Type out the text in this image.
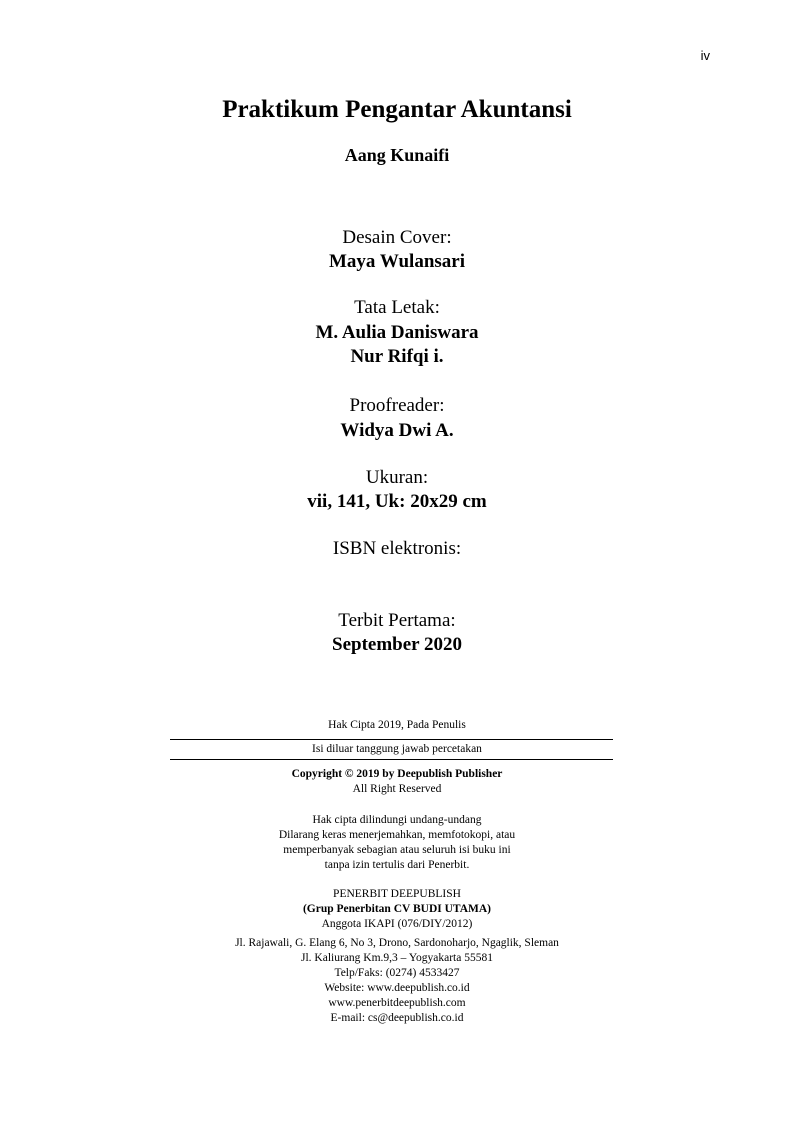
iv
Praktikum Pengantar Akuntansi
Aang Kunaifi
Desain Cover:
Maya Wulansari
Tata Letak:
M. Aulia Daniswara
Nur Rifqi i.
Proofreader:
Widya Dwi A.
Ukuran:
vii, 141, Uk: 20x29 cm
ISBN elektronis:
Terbit Pertama:
September 2020
Hak Cipta 2019, Pada Penulis
Isi diluar tanggung jawab percetakan
Copyright © 2019 by Deepublish Publisher
All Right Reserved
Hak cipta dilindungi undang-undang
Dilarang keras menerjemahkan, memfotokopi, atau
memperbanyak sebagian atau seluruh isi buku ini
tanpa izin tertulis dari Penerbit.
PENERBIT DEEPUBLISH
(Grup Penerbitan CV BUDI UTAMA)
Anggota IKAPI (076/DIY/2012)
Jl. Rajawali, G. Elang 6, No 3, Drono, Sardonoharjo, Ngaglik, Sleman
Jl. Kaliurang Km.9,3 – Yogyakarta 55581
Telp/Faks: (0274) 4533427
Website: www.deepublish.co.id
www.penerbitdeepublish.com
E-mail: cs@deepublish.co.id
